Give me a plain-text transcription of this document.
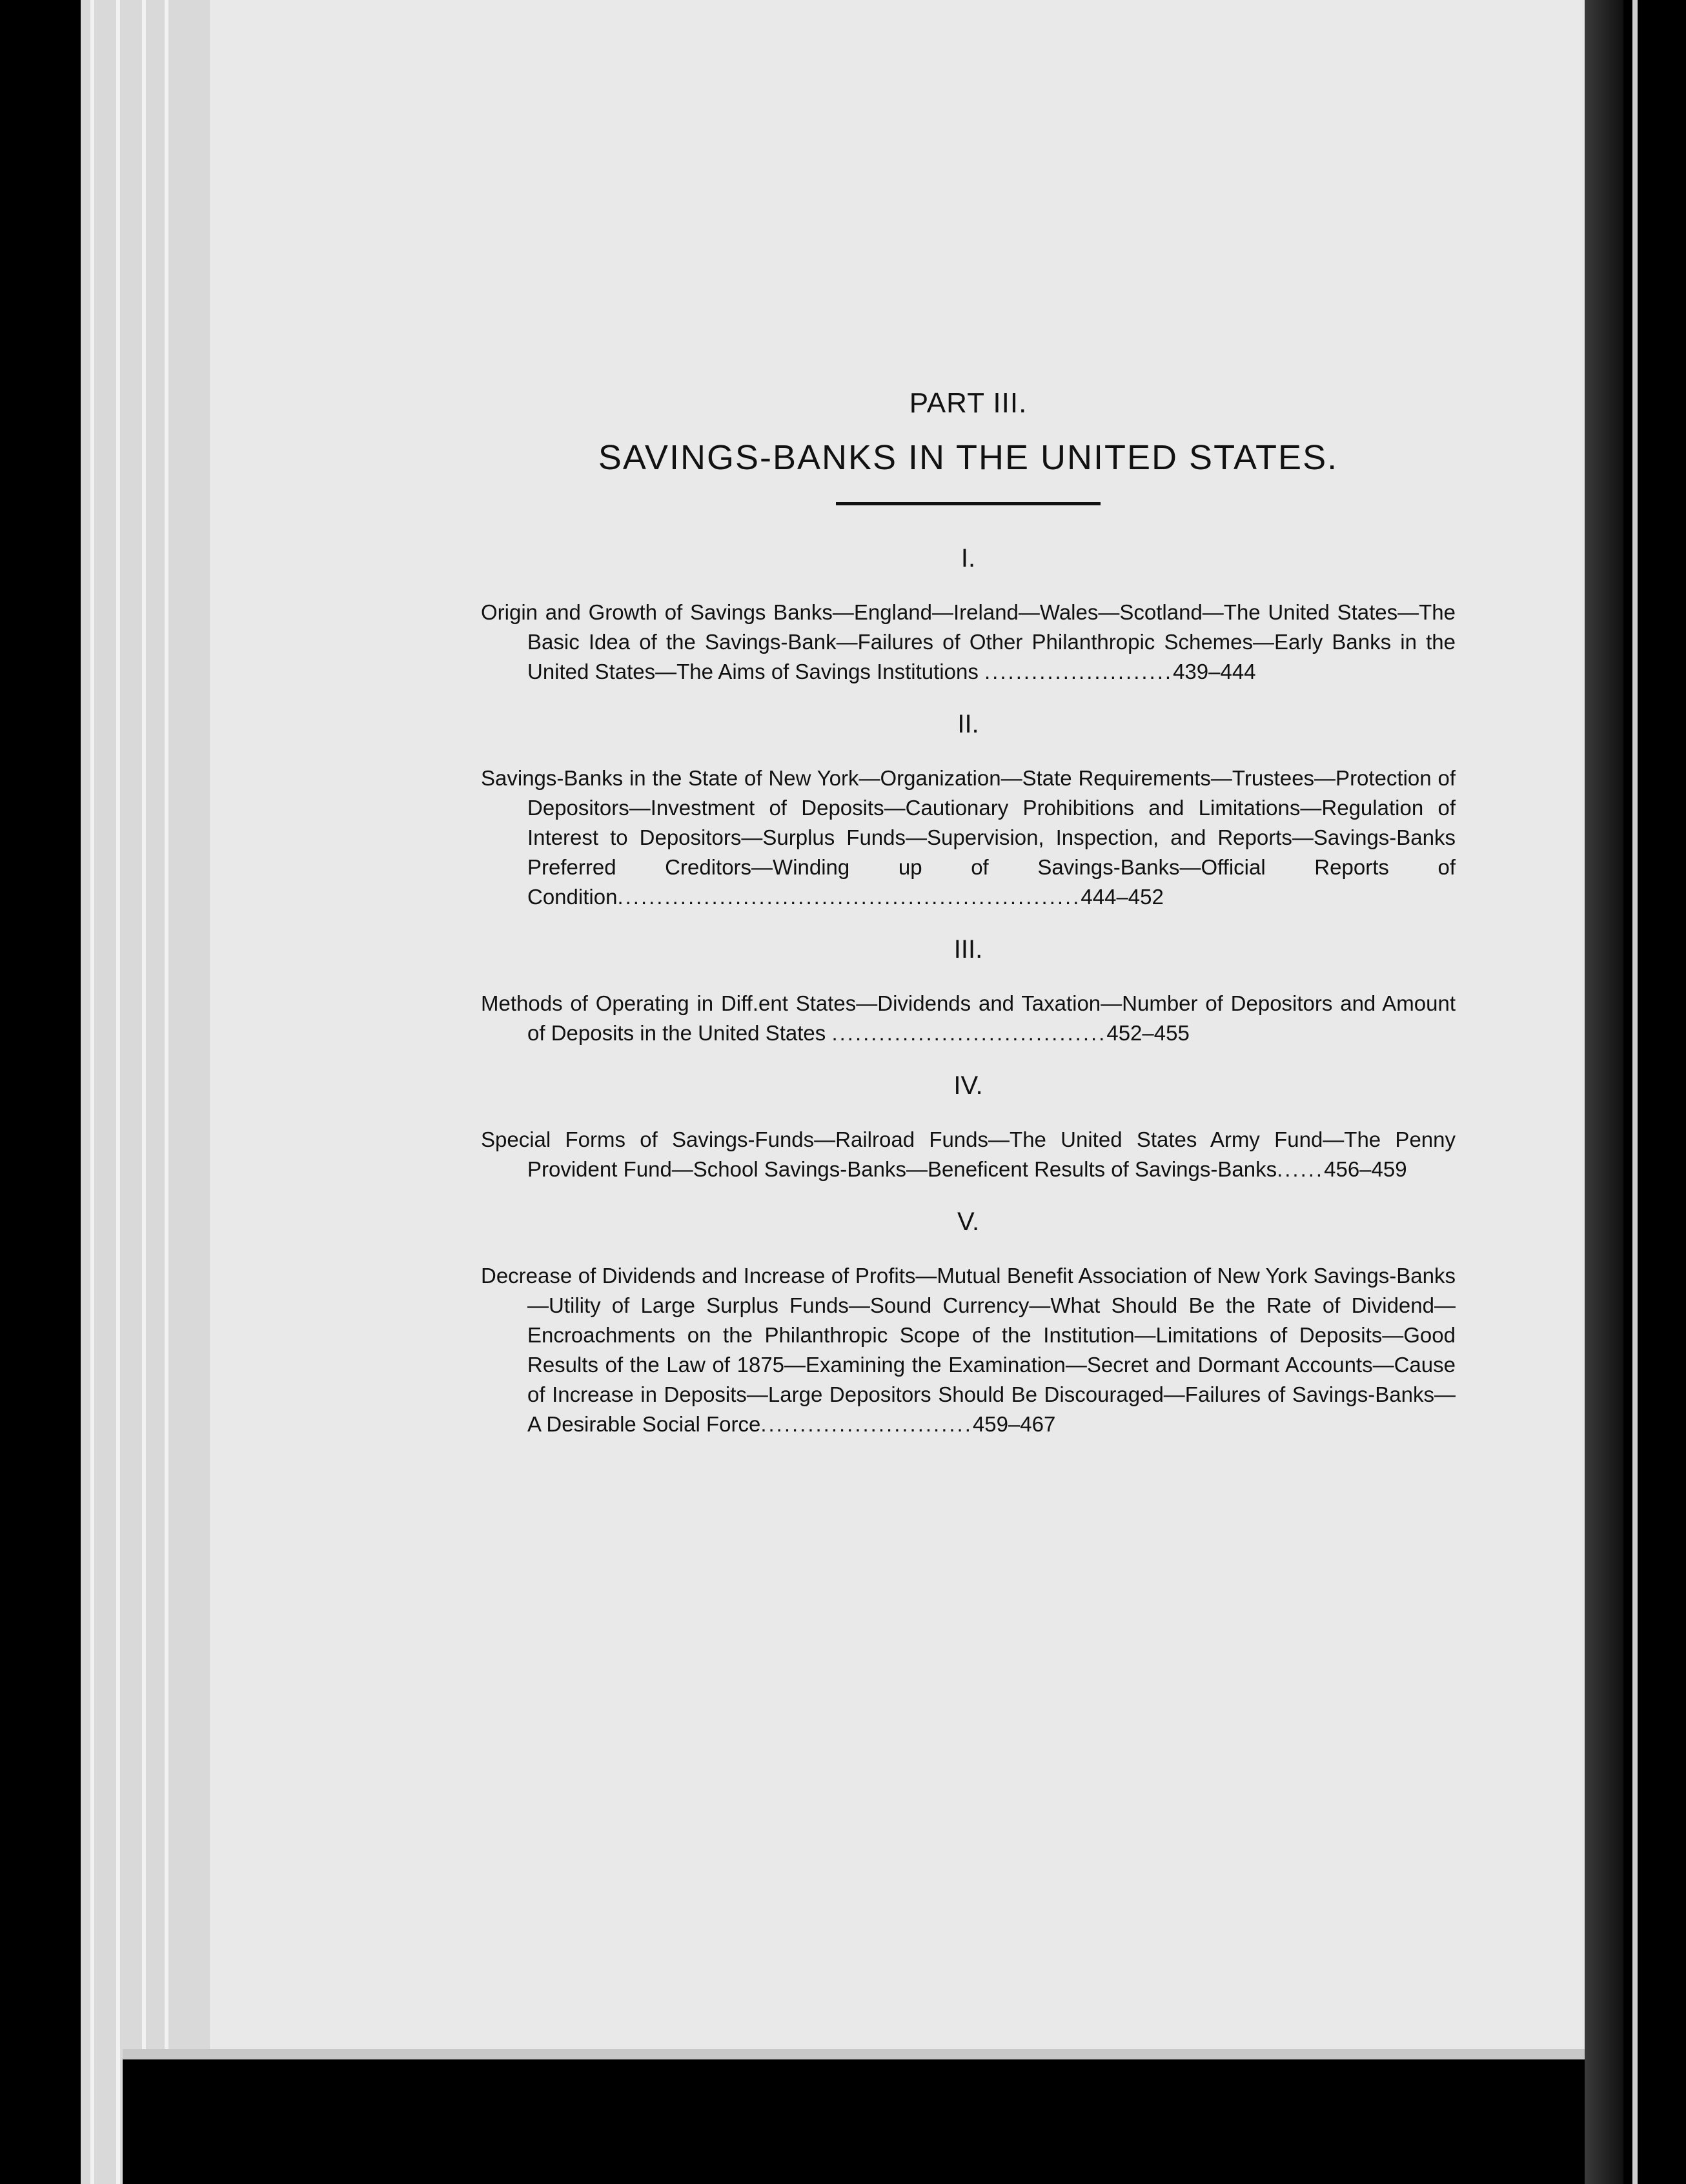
PART III.
SAVINGS-BANKS IN THE UNITED STATES.
I.

Origin and Growth of Savings Banks—England—Ireland—Wales—Scotland—The United States—The Basic Idea of the Savings-Bank—Failures of Other Philanthropic Schemes—Early Banks in the United States—The Aims of Savings Institutions ........................439–444

II.

Savings-Banks in the State of New York—Organization—State Requirements—Trustees—Protection of Depositors—Investment of Deposits—Cautionary Prohibitions and Limitations—Regulation of Interest to Depositors—Surplus Funds—Supervision, Inspection, and Reports—Savings-Banks Preferred Creditors—Winding up of Savings-Banks—Official Reports of Condition...........................................................444–452

III.

Methods of Operating in Diff.ent States—Dividends and Taxation—Number of Depositors and Amount of Deposits in the United States ...................................452–455

IV.

Special Forms of Savings-Funds—Railroad Funds—The United States Army Fund—The Penny Provident Fund—School Savings-Banks—Beneficent Results of Savings-Banks......456–459

V.

Decrease of Dividends and Increase of Profits—Mutual Benefit Association of New York Savings-Banks—Utility of Large Surplus Funds—Sound Currency—What Should Be the Rate of Dividend—Encroachments on the Philanthropic Scope of the Institution—Limitations of Deposits—Good Results of the Law of 1875—Examining the Examination—Secret and Dormant Accounts—Cause of Increase in Deposits—Large Depositors Should Be Discouraged—Failures of Savings-Banks—A Desirable Social Force...........................459–467
